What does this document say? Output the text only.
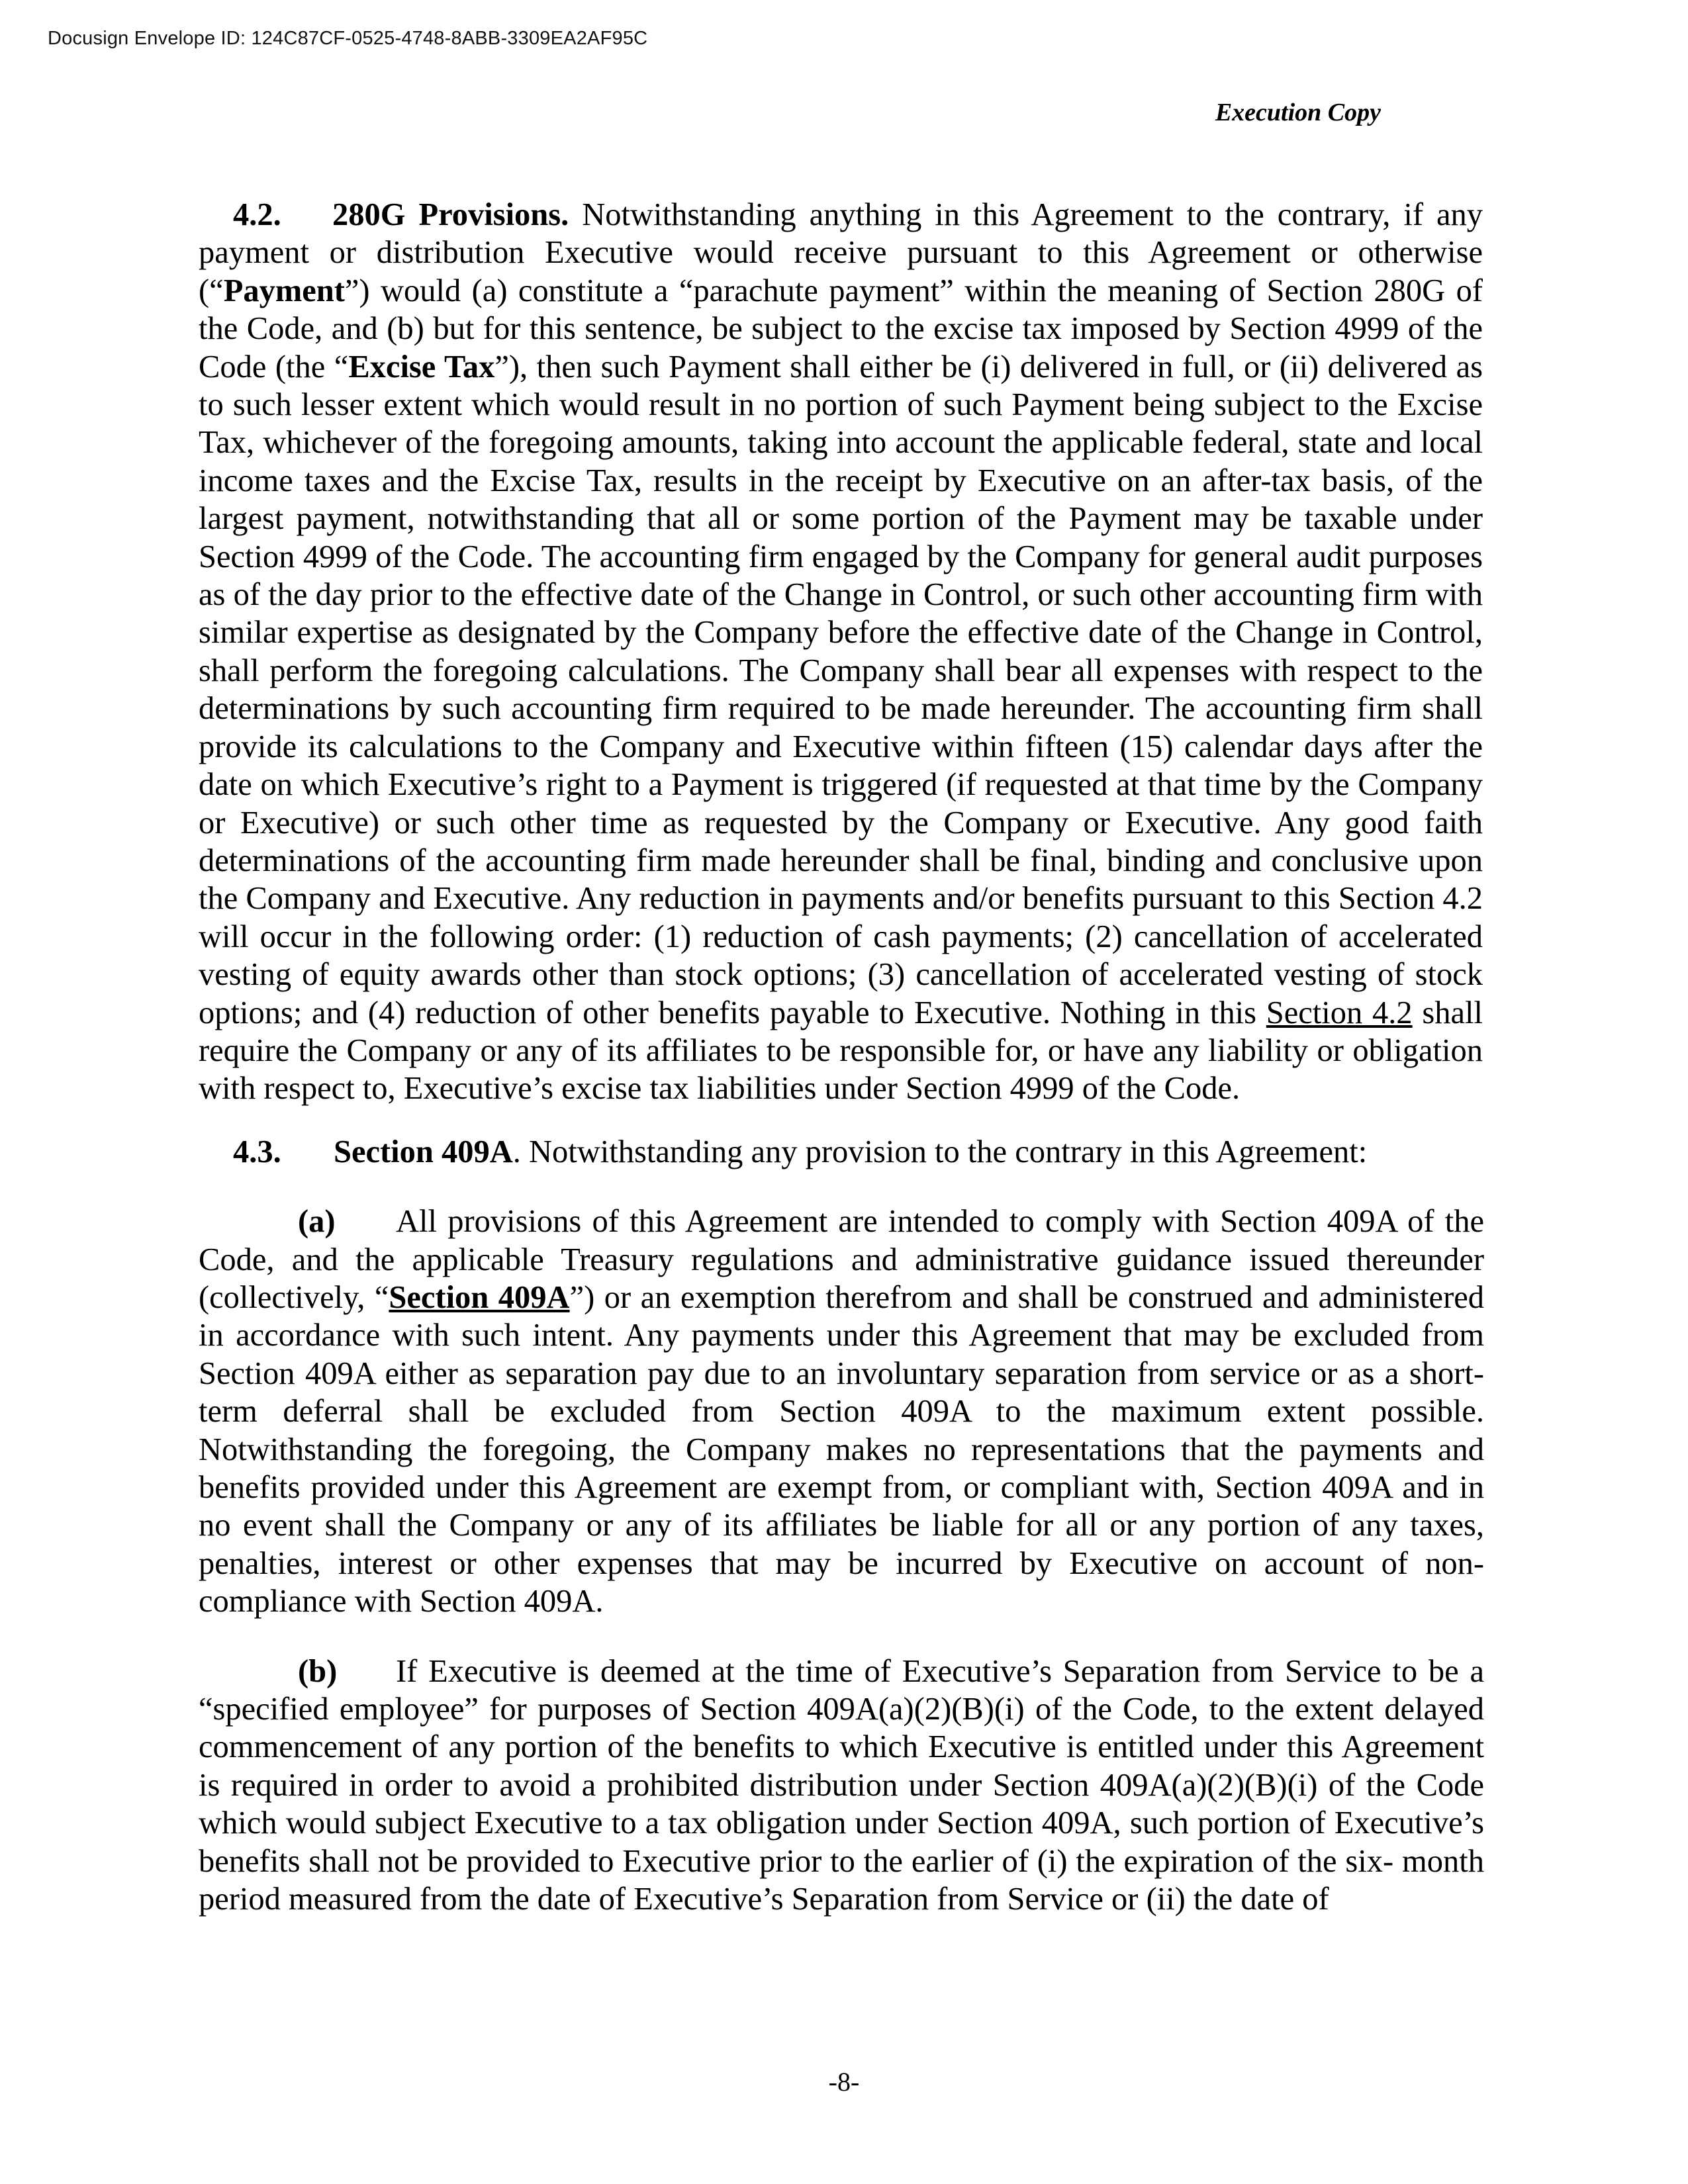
Docusign Envelope ID: 124C87CF-0525-4748-8ABB-3309EA2AF95C
Execution Copy

4.2. 280G Provisions. Notwithstanding anything in this Agreement to the contrary, if any payment or distribution Executive would receive pursuant to this Agreement or otherwise (“Payment”) would (a) constitute a “parachute payment” within the meaning of Section 280G of the Code, and (b) but for this sentence, be subject to the excise tax imposed by Section 4999 of the Code (the “Excise Tax”), then such Payment shall either be (i) delivered in full, or (ii) delivered as to such lesser extent which would result in no portion of such Payment being subject to the Excise Tax, whichever of the foregoing amounts, taking into account the applicable federal, state and local income taxes and the Excise Tax, results in the receipt by Executive on an after-tax basis, of the largest payment, notwithstanding that all or some portion of the Payment may be taxable under Section 4999 of the Code. The accounting firm engaged by the Company for general audit purposes as of the day prior to the effective date of the Change in Control, or such other accounting firm with similar expertise as designated by the Company before the effective date of the Change in Control, shall perform the foregoing calculations. The Company shall bear all expenses with respect to the determinations by such accounting firm required to be made hereunder. The accounting firm shall provide its calculations to the Company and Executive within fifteen (15) calendar days after the date on which Executive’s right to a Payment is triggered (if requested at that time by the Company or Executive) or such other time as requested by the Company or Executive. Any good faith determinations of the accounting firm made hereunder shall be final, binding and conclusive upon the Company and Executive. Any reduction in payments and/or benefits pursuant to this Section 4.2 will occur in the following order: (1) reduction of cash payments; (2) cancellation of accelerated vesting of equity awards other than stock options; (3) cancellation of accelerated vesting of stock options; and (4) reduction of other benefits payable to Executive. Nothing in this Section 4.2 shall require the Company or any of its affiliates to be responsible for, or have any liability or obligation with respect to, Executive’s excise tax liabilities under Section 4999 of the Code.

4.3. Section 409A. Notwithstanding any provision to the contrary in this Agreement:

(a) All provisions of this Agreement are intended to comply with Section 409A of the Code, and the applicable Treasury regulations and administrative guidance issued thereunder (collectively, “Section 409A”) or an exemption therefrom and shall be construed and administered in accordance with such intent. Any payments under this Agreement that may be excluded from Section 409A either as separation pay due to an involuntary separation from service or as a short-term deferral shall be excluded from Section 409A to the maximum extent possible. Notwithstanding the foregoing, the Company makes no representations that the payments and benefits provided under this Agreement are exempt from, or compliant with, Section 409A and in no event shall the Company or any of its affiliates be liable for all or any portion of any taxes, penalties, interest or other expenses that may be incurred by Executive on account of non-compliance with Section 409A.

(b) If Executive is deemed at the time of Executive’s Separation from Service to be a “specified employee” for purposes of Section 409A(a)(2)(B)(i) of the Code, to the extent delayed commencement of any portion of the benefits to which Executive is entitled under this Agreement is required in order to avoid a prohibited distribution under Section 409A(a)(2)(B)(i) of the Code which would subject Executive to a tax obligation under Section 409A, such portion of Executive’s benefits shall not be provided to Executive prior to the earlier of (i) the expiration of the six- month period measured from the date of Executive’s Separation from Service or (ii) the date of

-8-
